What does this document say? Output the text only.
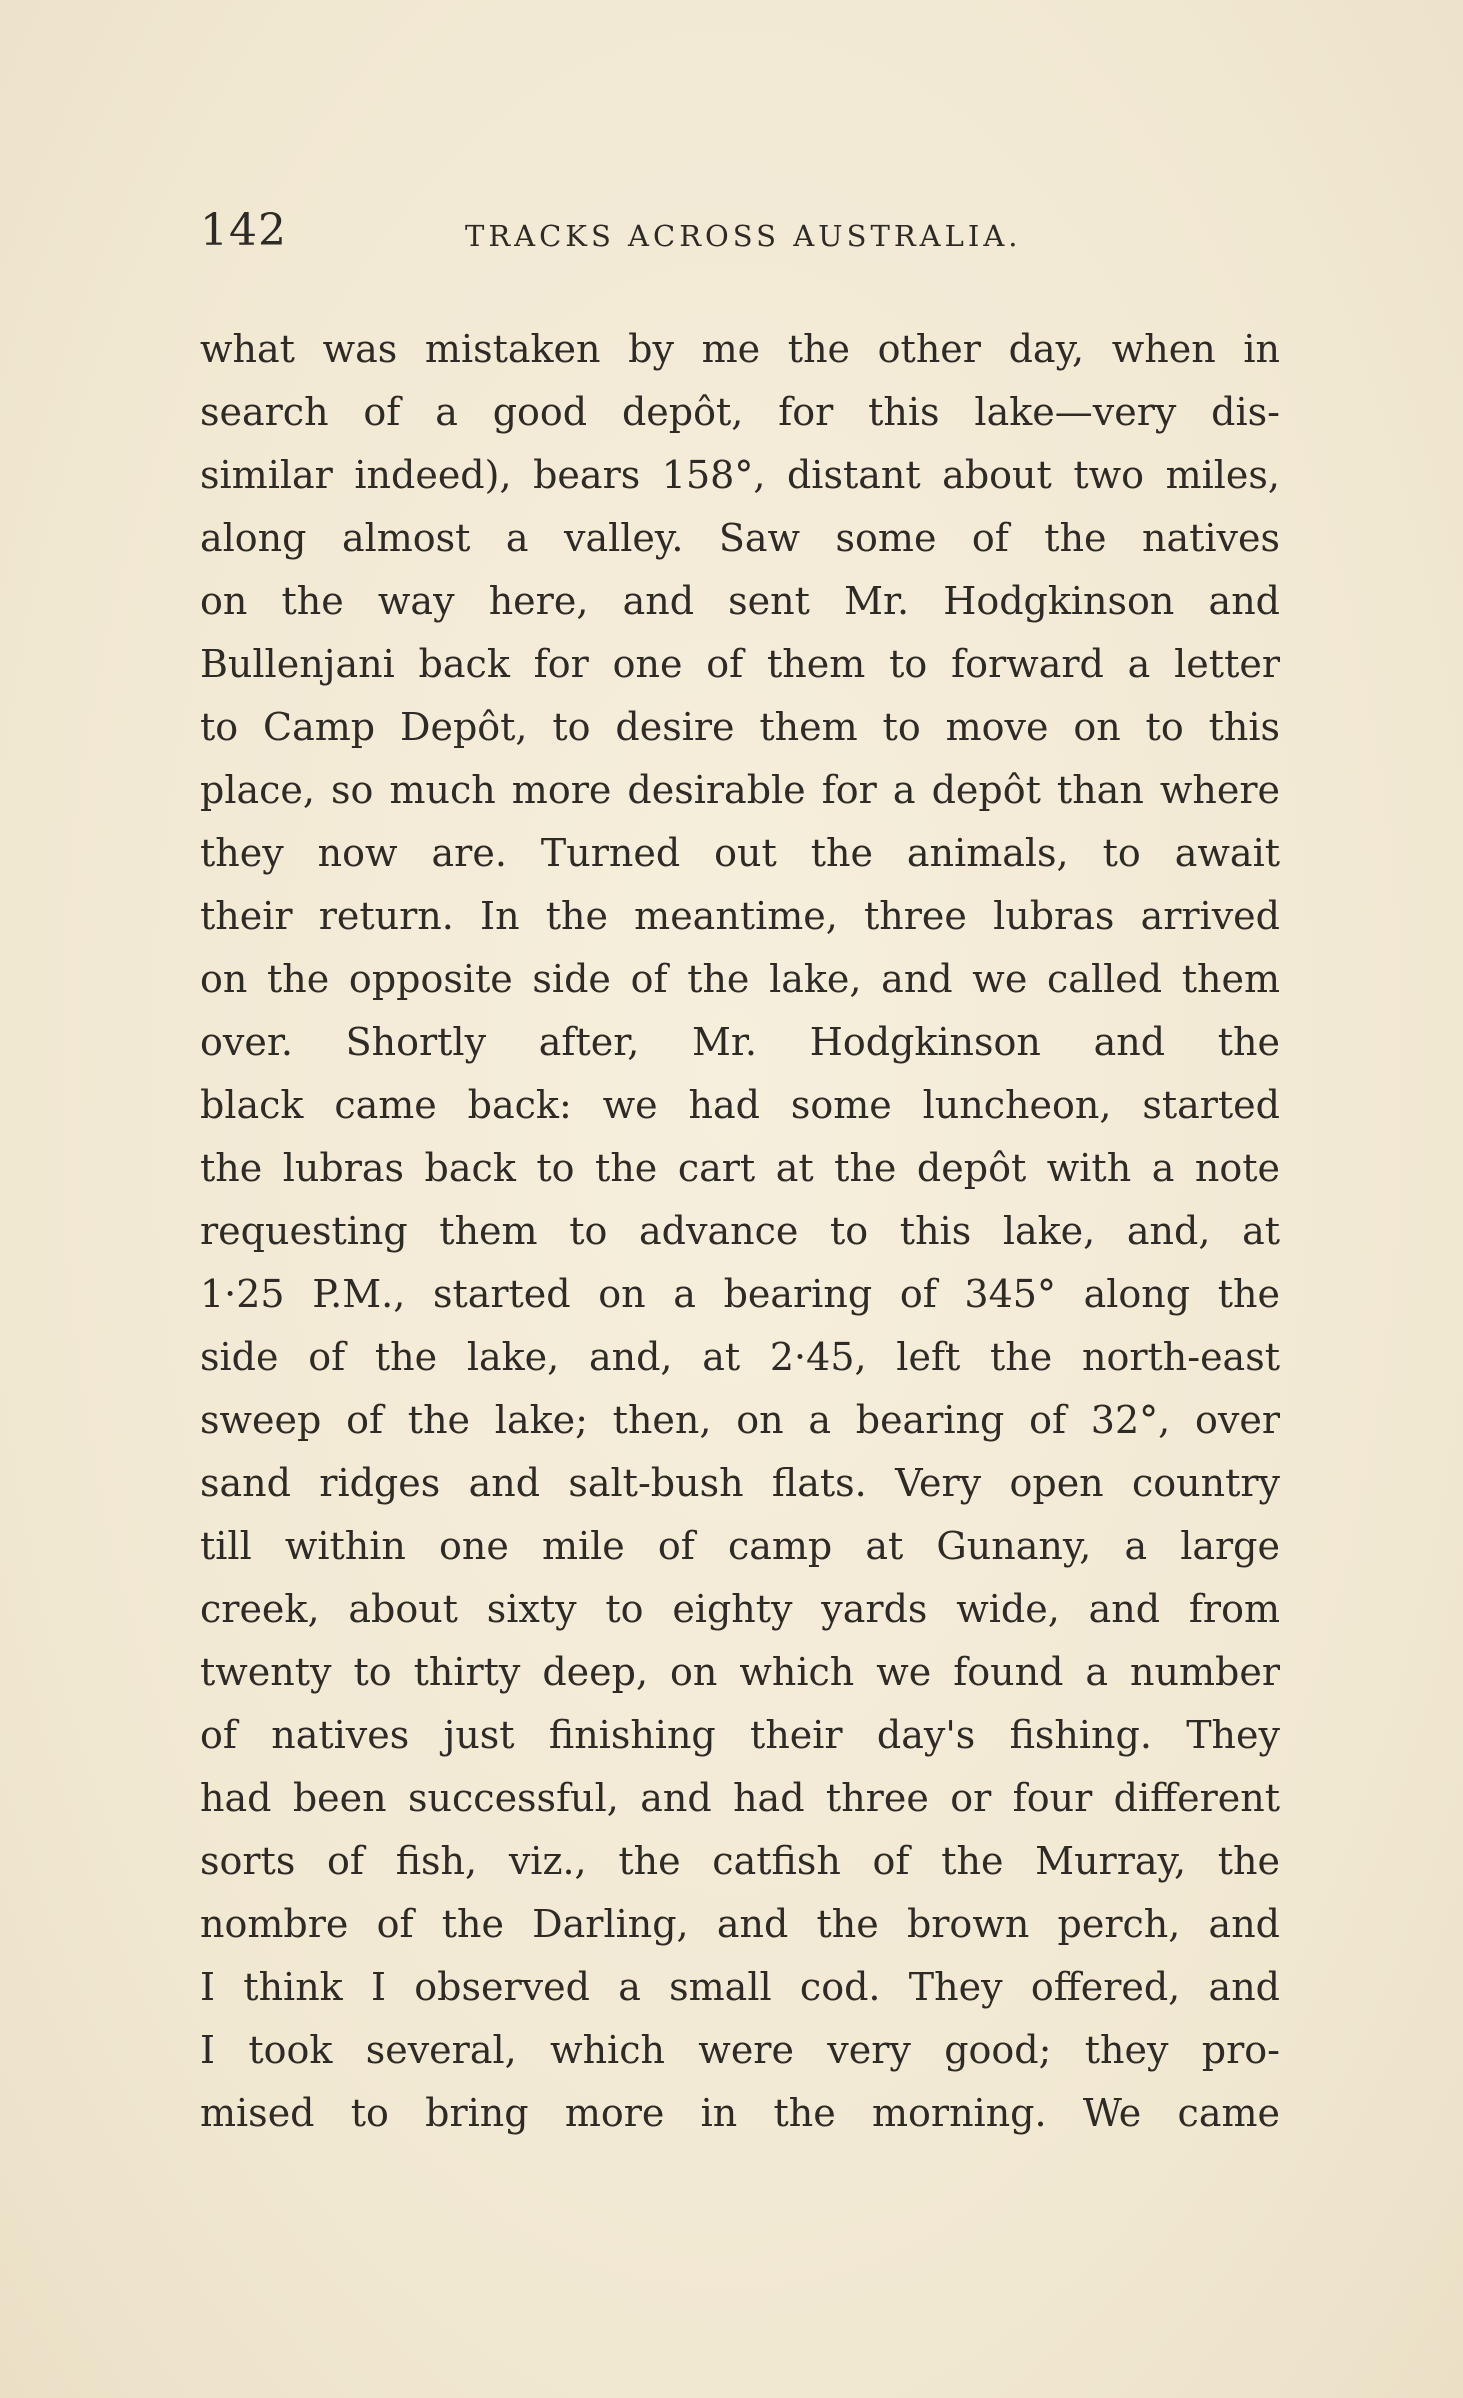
142	TRACKS ACROSS AUSTRALIA.
what was mistaken by me the other day, when in
search of a good depôt, for this lake—very dis-
similar indeed), bears 158°, distant about two miles,
along almost a valley. Saw some of the natives
on the way here, and sent Mr. Hodgkinson and
Bullenjani back for one of them to forward a letter
to Camp Depôt, to desire them to move on to this
place, so much more desirable for a depôt than where
they now are. Turned out the animals, to await
their return. In the meantime, three lubras arrived
on the opposite side of the lake, and we called them
over. Shortly after, Mr. Hodgkinson and the
black came back: we had some luncheon, started
the lubras back to the cart at the depôt with a note
requesting them to advance to this lake, and, at
1·25 P.M., started on a bearing of 345° along the
side of the lake, and, at 2·45, left the north-east
sweep of the lake; then, on a bearing of 32°, over
sand ridges and salt-bush flats. Very open country
till within one mile of camp at Gunany, a large
creek, about sixty to eighty yards wide, and from
twenty to thirty deep, on which we found a number
of natives just finishing their day's fishing. They
had been successful, and had three or four different
sorts of fish, viz., the catfish of the Murray, the
nombre of the Darling, and the brown perch, and
I think I observed a small cod. They offered, and
I took several, which were very good; they pro-
mised to bring more in the morning. We came
